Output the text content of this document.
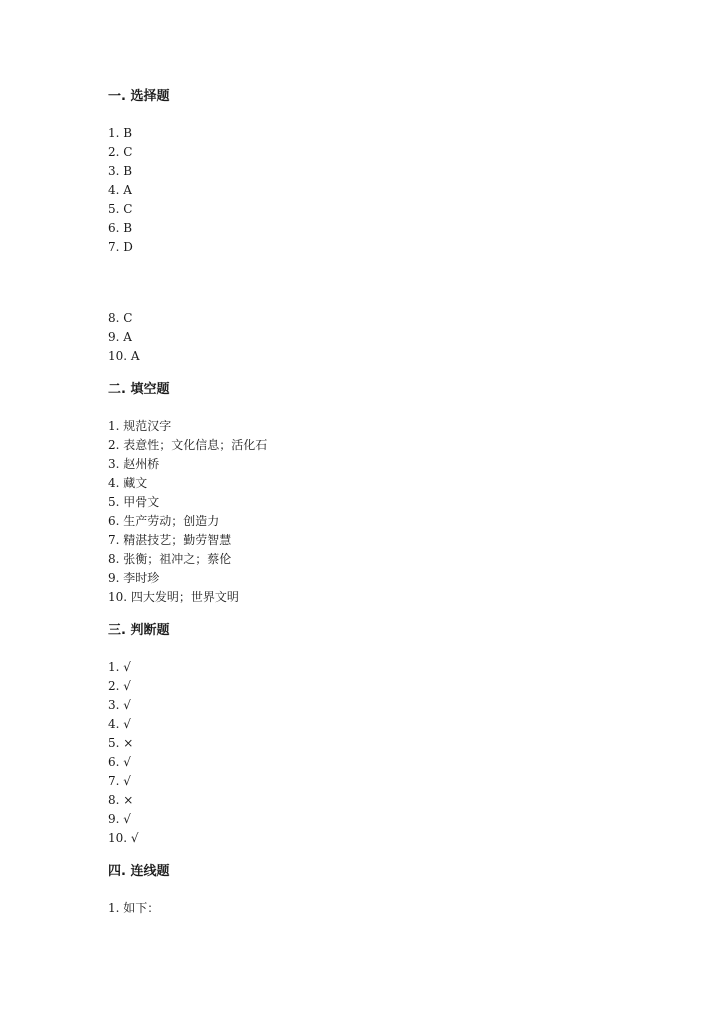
一. 选择题
1. B
2. C
3. B
4. A
5. C
6. B
7. D
8. C
9. A
10. A
二. 填空题
1. 规范汉字
2. 表意性；文化信息；活化石
3. 赵州桥
4. 藏文
5. 甲骨文
6. 生产劳动；创造力
7. 精湛技艺；勤劳智慧
8. 张衡；祖冲之；蔡伦
9. 李时珍
10. 四大发明；世界文明
三. 判断题
1. √
2. √
3. √
4. √
5. ×
6. √
7. √
8. ×
9. √
10. √
四. 连线题
1. 如下：
